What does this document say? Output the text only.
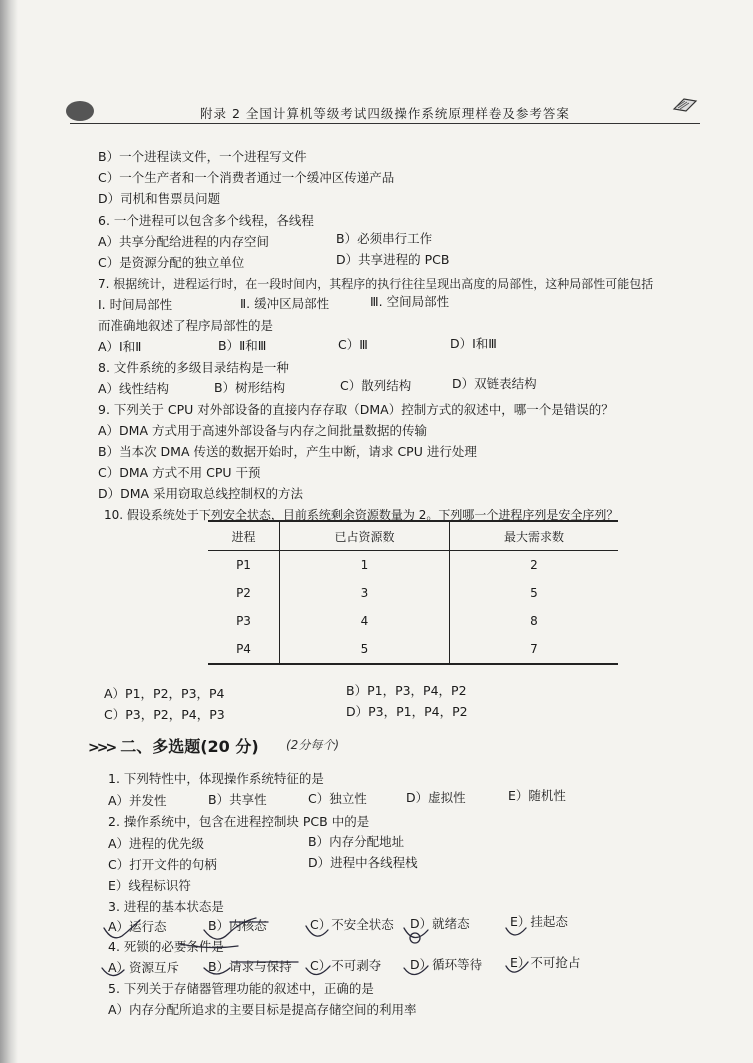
附录 2 全国计算机等级考试四级操作系统原理样卷及参考答案
B）一个进程读文件，一个进程写文件
C）一个生产者和一个消费者通过一个缓冲区传递产品
D）司机和售票员问题
6. 一个进程可以包含多个线程，各线程
A）共享分配给进程的内存空间	B）必须串行工作
C）是资源分配的独立单位	D）共享进程的 PCB
7. 根据统计，进程运行时，在一段时间内，其程序的执行往往呈现出高度的局部性，这种局部性可能包括
Ⅰ. 时间局部性	Ⅱ. 缓冲区局部性	Ⅲ. 空间局部性
而准确地叙述了程序局部性的是
A）Ⅰ和Ⅱ	B）Ⅱ和Ⅲ	C）Ⅲ	D）Ⅰ和Ⅲ
8. 文件系统的多级目录结构是一种
A）线性结构	B）树形结构	C）散列结构	D）双链表结构
9. 下列关于 CPU 对外部设备的直接内存存取（DMA）控制方式的叙述中，哪一个是错误的？
A）DMA 方式用于高速外部设备与内存之间批量数据的传输
B）当本次 DMA 传送的数据开始时，产生中断，请求 CPU 进行处理
C）DMA 方式不用 CPU 干预
D）DMA 采用窃取总线控制权的方法
10. 假设系统处于下列安全状态，目前系统剩余资源数量为 2。下列哪一个进程序列是安全序列？
进程	已占资源数	最大需求数
P1	1	2
P2	3	5
P3	4	8
P4	5	7
A）P1，P2，P3，P4	B）P1，P3，P4，P2
C）P3，P2，P4，P3	D）P3，P1，P4，P2
>>> 二、多选题(20 分) (2分每个)
1. 下列特性中，体现操作系统特征的是
A）并发性	B）共享性	C）独立性	D）虚拟性	E）随机性
2. 操作系统中，包含在进程控制块 PCB 中的是
A）进程的优先级	B）内存分配地址
C）打开文件的句柄	D）进程中各线程栈
E）线程标识符
3. 进程的基本状态是
A）运行态	B）内核态	C）不安全状态 D）就绪态	E）挂起态
4. 死锁的必要条件是
A）资源互斥 B）请求与保持 C）不可剥夺 D）循环等待 E）不可抢占
5. 下列关于存储器管理功能的叙述中，正确的是
A）内存分配所追求的主要目标是提高存储空间的利用率
